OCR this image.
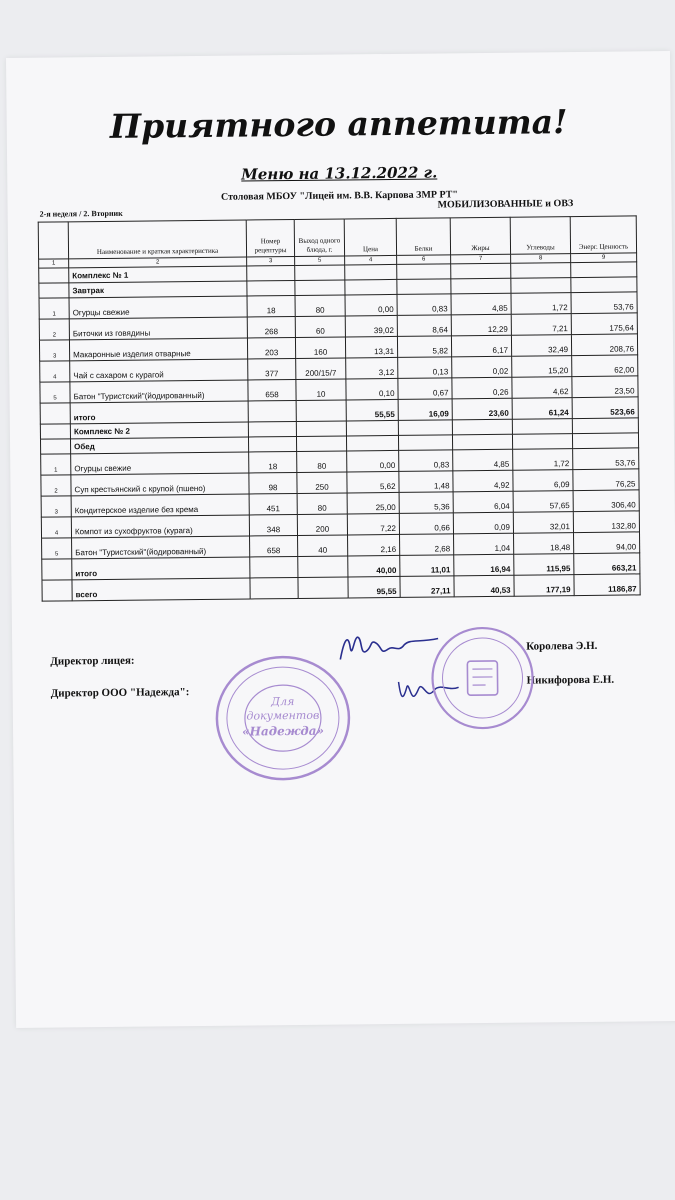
Приятного аппетита!
Меню на 13.12.2022 г.
Столовая МБОУ "Лицей им. В.В. Карпова ЗМР РТ"
2-я неделя / 2. Вторник
МОБИЛИЗОВАННЫЕ и ОВЗ
	Наименование и краткая характеристика	Номер рецептуры	Выход одного блюда, г.	Цена	Белки	Жиры	Углеводы	Энерг. Ценность
1	2	3	5	4	6	7	8	9
	Комплекс № 1							
	Завтрак							
1	Огурцы свежие	18	80	0,00	0,83	4,85	1,72	53,76
2	Биточки из говядины	268	60	39,02	8,64	12,29	7,21	175,64
3	Макаронные изделия отварные	203	160	13,31	5,82	6,17	32,49	208,76
4	Чай с сахаром с курагой	377	200/15/7	3,12	0,13	0,02	15,20	62,00
5	Батон "Туристский"(йодированный)	658	10	0,10	0,67	0,26	4,62	23,50
	итого			55,55	16,09	23,60	61,24	523,66
	Комплекс № 2							
	Обед							
1	Огурцы свежие	18	80	0,00	0,83	4,85	1,72	53,76
2	Суп крестьянский с крупой (пшено)	98	250	5,62	1,48	4,92	6,09	76,25
3	Кондитерское изделие без крема	451	80	25,00	5,36	6,04	57,65	306,40
4	Компот из сухофруктов (курага)	348	200	7,22	0,66	0,09	32,01	132,80
5	Батон "Туристский"(йодированный)	658	40	2,16	2,68	1,04	18,48	94,00
	итого			40,00	11,01	16,94	115,95	663,21
	всего			95,55	27,11	40,53	177,19	1186,87
Директор лицея:
Королева Э.Н.
Директор ООО "Надежда":
Никифорова Е.Н.
Для
документов
«Надежда»
